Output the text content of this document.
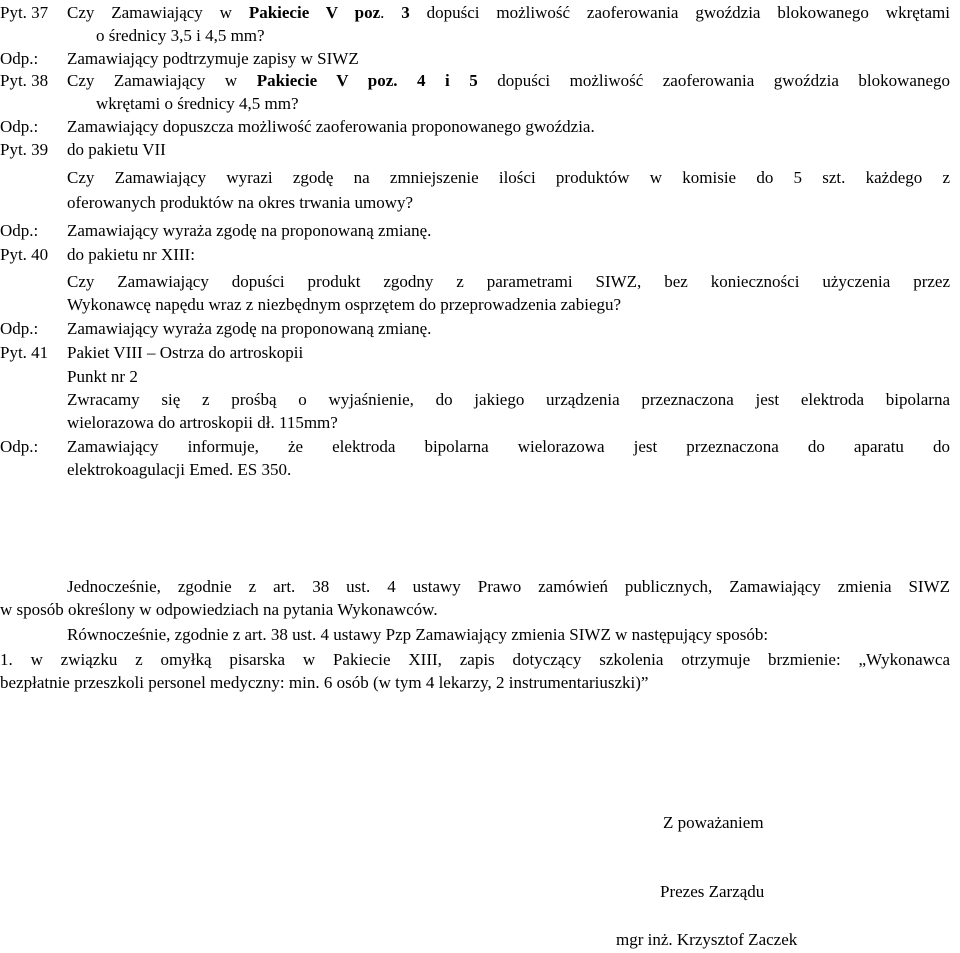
Pyt. 37 Czy Zamawiający w Pakiecie V poz. 3 dopuści możliwość zaoferowania gwoździa blokowanego wkrętami
o średnicy 3,5 i 4,5 mm?
Odp.: Zamawiający podtrzymuje zapisy w SIWZ
Pyt. 38 Czy Zamawiający w Pakiecie V poz. 4 i 5 dopuści możliwość zaoferowania gwoździa blokowanego
wkrętami o średnicy 4,5 mm?
Odp.: Zamawiający dopuszcza możliwość zaoferowania proponowanego gwoździa.
Pyt. 39 do pakietu VII
Czy Zamawiający wyrazi zgodę na zmniejszenie ilości produktów w komisie do 5 szt. każdego z
oferowanych produktów na okres trwania umowy?
Odp.: Zamawiający wyraża zgodę na proponowaną zmianę.
Pyt. 40 do pakietu nr XIII:
Czy Zamawiający dopuści produkt zgodny z parametrami SIWZ, bez konieczności użyczenia przez
Wykonawcę napędu wraz z niezbędnym osprzętem do przeprowadzenia zabiegu?
Odp.: Zamawiający wyraża zgodę na proponowaną zmianę.
Pyt. 41 Pakiet VIII – Ostrza do artroskopii
Punkt nr 2
Zwracamy się z prośbą o wyjaśnienie, do jakiego urządzenia przeznaczona jest elektroda bipolarna
wielorazowa do artroskopii dł. 115mm?
Odp.: Zamawiający informuje, że elektroda bipolarna wielorazowa jest przeznaczona do aparatu do
elektrokoagulacji Emed. ES 350.
Jednocześnie, zgodnie z art. 38 ust. 4 ustawy Prawo zamówień publicznych, Zamawiający zmienia SIWZ
w sposób określony w odpowiedziach na pytania Wykonawców.
Równocześnie, zgodnie z art. 38 ust. 4 ustawy Pzp Zamawiający zmienia SIWZ w następujący sposób:
1. w związku z omyłką pisarska w Pakiecie XIII, zapis dotyczący szkolenia otrzymuje brzmienie: „Wykonawca
bezpłatnie przeszkoli personel medyczny: min. 6 osób (w tym 4 lekarzy, 2 instrumentariuszki)”
Z poważaniem
Prezes Zarządu
mgr inż. Krzysztof Zaczek
